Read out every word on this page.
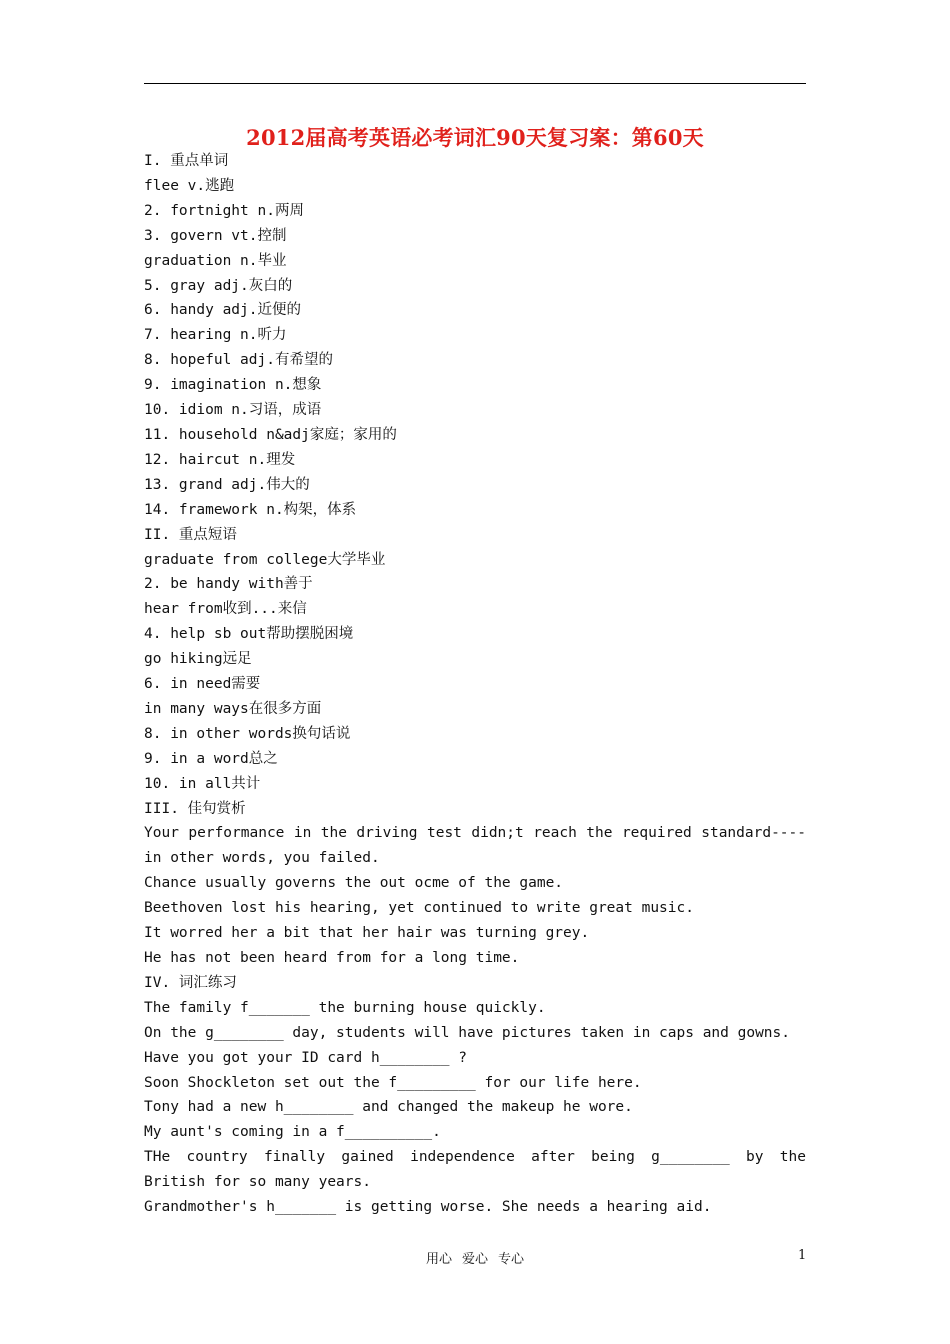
2012届高考英语必考词汇90天复习案：第60天
I. 重点单词
flee v.逃跑
2. fortnight n.两周
3. govern vt.控制
graduation n.毕业
5. gray adj.灰白的
6. handy adj.近便的
7. hearing n.听力
8. hopeful adj.有希望的
9. imagination n.想象
10. idiom n.习语，成语
11. household n&adj家庭；家用的
12. haircut n.理发
13. grand adj.伟大的
14. framework n.构架，体系
II. 重点短语
graduate from college大学毕业
2. be handy with善于
hear from收到...来信
4. help sb out帮助摆脱困境
go hiking远足
6. in need需要
in many ways在很多方面
8. in other words换句话说
9. in a word总之
10. in all共计
III. 佳句赏析
Your performance in the driving test didn;t reach the required standard----in other words, you failed.
Chance usually governs the out ocme of the game.
Beethoven lost his hearing, yet continued to write great music.
It worred her a bit that her hair was turning grey.
He has not been heard from for a long time.
IV. 词汇练习
The family f_______ the burning house quickly.
On the g________ day, students will have pictures taken in caps and gowns.
Have you got your ID card h________ ?
Soon Shockleton set out the f_________ for our life here.
Tony had a new h________ and changed the makeup he wore.
My aunt's coming in a f__________.
THe country finally gained independence after being g________ by the British for so many years.
Grandmother's h_______ is getting worse. She needs a hearing aid.
用心 爱心 专心	1
